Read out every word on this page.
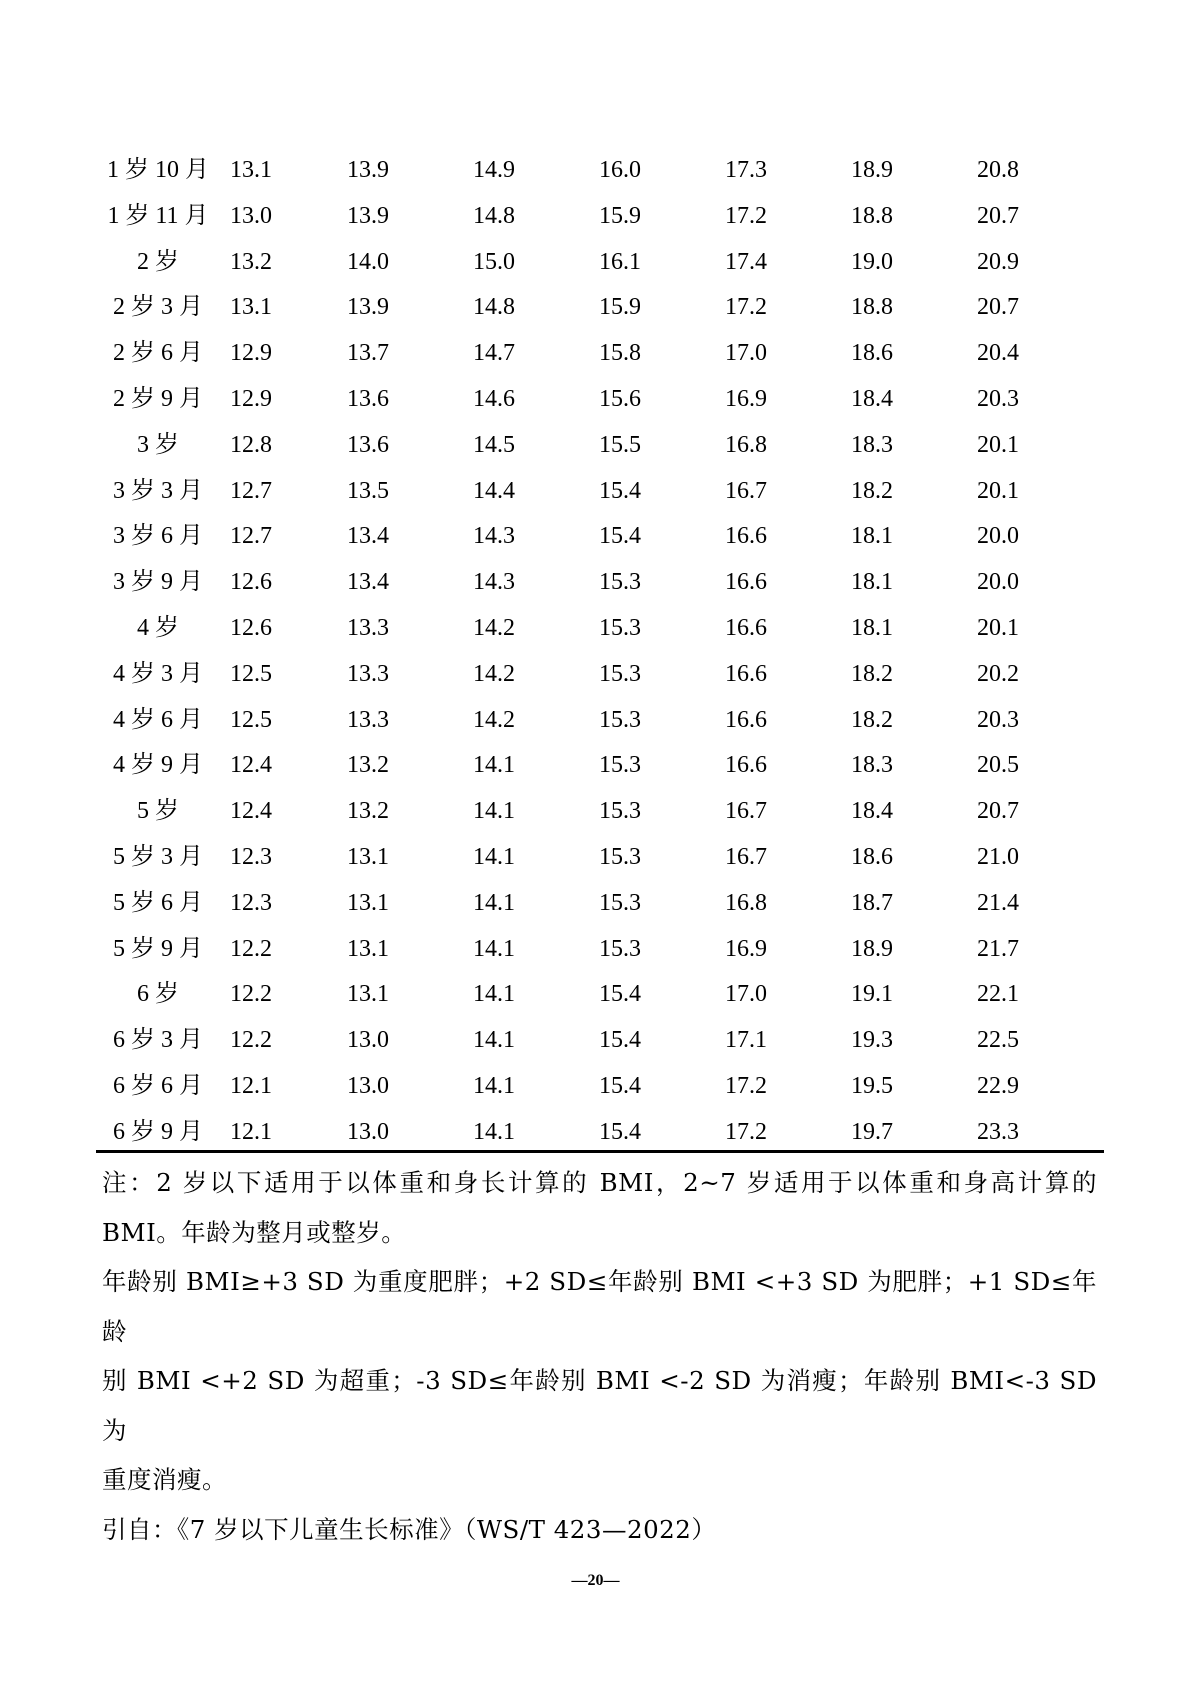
1 岁 10 月	13.1	13.9	14.9	16.0	17.3	18.9	20.8
1 岁 11 月	13.0	13.9	14.8	15.9	17.2	18.8	20.7
2 岁	13.2	14.0	15.0	16.1	17.4	19.0	20.9
2 岁 3 月	13.1	13.9	14.8	15.9	17.2	18.8	20.7
2 岁 6 月	12.9	13.7	14.7	15.8	17.0	18.6	20.4
2 岁 9 月	12.9	13.6	14.6	15.6	16.9	18.4	20.3
3 岁	12.8	13.6	14.5	15.5	16.8	18.3	20.1
3 岁 3 月	12.7	13.5	14.4	15.4	16.7	18.2	20.1
3 岁 6 月	12.7	13.4	14.3	15.4	16.6	18.1	20.0
3 岁 9 月	12.6	13.4	14.3	15.3	16.6	18.1	20.0
4 岁	12.6	13.3	14.2	15.3	16.6	18.1	20.1
4 岁 3 月	12.5	13.3	14.2	15.3	16.6	18.2	20.2
4 岁 6 月	12.5	13.3	14.2	15.3	16.6	18.2	20.3
4 岁 9 月	12.4	13.2	14.1	15.3	16.6	18.3	20.5
5 岁	12.4	13.2	14.1	15.3	16.7	18.4	20.7
5 岁 3 月	12.3	13.1	14.1	15.3	16.7	18.6	21.0
5 岁 6 月	12.3	13.1	14.1	15.3	16.8	18.7	21.4
5 岁 9 月	12.2	13.1	14.1	15.3	16.9	18.9	21.7
6 岁	12.2	13.1	14.1	15.4	17.0	19.1	22.1
6 岁 3 月	12.2	13.0	14.1	15.4	17.1	19.3	22.5
6 岁 6 月	12.1	13.0	14.1	15.4	17.2	19.5	22.9
6 岁 9 月	12.1	13.0	14.1	15.4	17.2	19.7	23.3

注：2 岁以下适用于以体重和身长计算的 BMI，2~7 岁适用于以体重和身高计算的

BMI。年龄为整月或整岁。

年龄别 BMI≥+3 SD 为重度肥胖；+2 SD≤年龄别 BMI <+3 SD 为肥胖；+1 SD≤年龄

别 BMI <+2 SD 为超重；-3 SD≤年龄别 BMI <-2 SD 为消瘦；年龄别 BMI<-3 SD 为

重度消瘦。

引自：《7 岁以下儿童生长标准》（WS/T 423—2022）

—20—
